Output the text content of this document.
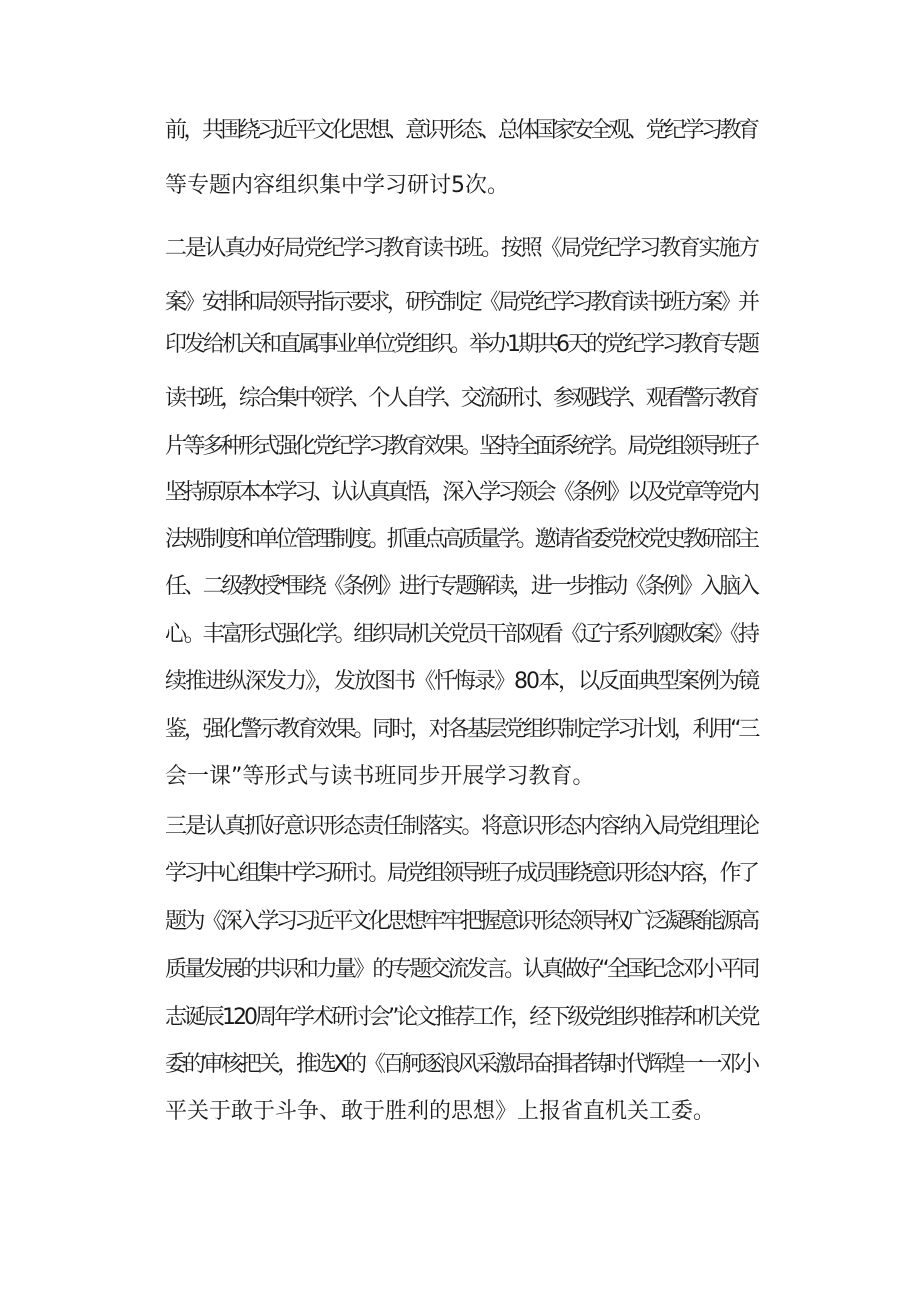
前，共围绕习近平文化思想、意识形态、总体国家安全观、党纪学习教育

等专题内容组织集中学习研讨5次。

二是认真办好局党纪学习教育读书班。按照《局党纪学习教育实施方

案》安排和局领导指示要求，研究制定《局党纪学习教育读书班方案》并

印发给机关和直属事业单位党组织。举办1期共6天的党纪学习教育专题

读书班，综合集中领学、个人自学、交流研讨、参观践学、观看警示教育

片等多种形式强化党纪学习教育效果。坚持全面系统学。局党组领导班子

坚持原原本本学习、认认真真悟，深入学习领会《条例》以及党章等党内

法规制度和单位管理制度。抓重点高质量学。邀请省委党校党史教研部主

任、二级教授*围绕《条例》进行专题解读，进一步推动《条例》入脑入

心。丰富形式强化学。组织局机关党员干部观看《辽宁系列腐败案》《持

续推进纵深发力》，发放图书《忏悔录》80本，以反面典型案例为镜

鉴，强化警示教育效果。同时，对各基层党组织制定学习计划，利用“三

会一课”等形式与读书班同步开展学习教育。

三是认真抓好意识形态责任制落实。将意识形态内容纳入局党组理论

学习中心组集中学习研讨。局党组领导班子成员围绕意识形态内容，作了

题为《深入学习习近平文化思想牢牢把握意识形态领导权广泛凝聚能源高

质量发展的共识和力量》的专题交流发言。认真做好“全国纪念邓小平同

志诞辰120周年学术研讨会”论文推荐工作，经下级党组织推荐和机关党

委的审核把关，推选X的《百舸逐浪风采激昂奋揖者铸时代辉煌一一邓小

平关于敢于斗争、敢于胜利的思想》上报省直机关工委。
